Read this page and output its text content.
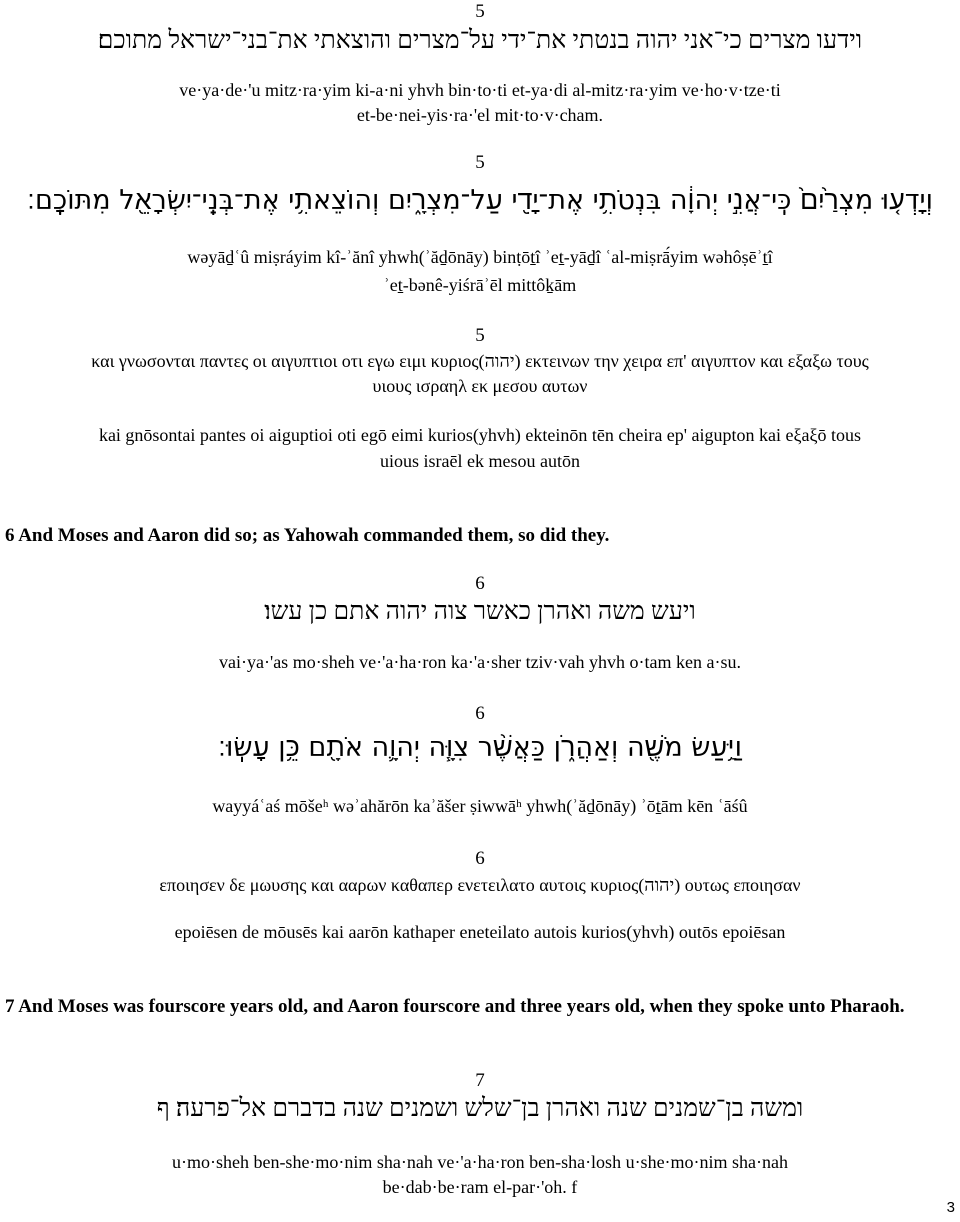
5
וידעו מצרים כי־אני יהוה בנטתי את־ידי על־מצרים והוצאתי את־בני־ישראל מתוכם׃
ve·ya·de·'u mitz·ra·yim ki-a·ni yhvh bin·to·ti et-ya·di al-mitz·ra·yim ve·ho·v·tze·ti
et-be·nei-yis·ra·'el mit·to·v·cham.
5
וְיָדְע֤וּ מִצְרַ֙יִם֙ כִּֽי־אֲנִ֣י יְהוָ֔ה בִּנְטֹתִ֥י אֶת־יָדִ֖י עַל־מִצְרָ֑יִם וְהוֹצֵאתִ֥י אֶת־בְּנֵֽי־יִשְׂרָאֵ֖ל מִתּוֹכָֽם׃
wəyāḏʿû miṣráyim kî-ʾănî yhwh(ʾăḏōnāy) binṭōṯî ʾeṯ-yāḏî ʿal-miṣrā́yim wəhôṣēʾṯî
ʾeṯ-bənê-yiśrāʾēl mittôḵām
5
και γνωσονται παντες οι αιγυπτιοι οτι εγω ειμι κυριος(יהוה) εκτεινων την χειρα επ' αιγυπτον και εξαξω τους
υιους ισραηλ εκ μεσου αυτων
kai gnōsontai pantes oi aiguptioi oti egō eimi kurios(yhvh) ekteinōn tēn cheira ep' aigupton kai eξaξō tous
uious israēl ek mesou autōn
6 And Moses and Aaron did so; as Yahowah commanded them, so did they.
6
ויעש משה ואהרן כאשר צוה יהוה אתם כן עשו׃
vai·ya·'as mo·sheh ve·'a·ha·ron ka·'a·sher tziv·vah yhvh o·tam ken a·su.
6
וַיַּ֥עַשׂ מֹשֶׁ֖ה וְאַהֲרֹ֑ן כַּאֲשֶׁ֨ר צִוָּ֧ה יְהוָ֛ה אֹתָ֖ם כֵּ֥ן עָשֽׂוּ׃
wayyáʿaś mōšeʰ wəʾahărōn kaʾăšer ṣiwwāʰ yhwh(ʾăḏōnāy) ʾōṯām kēn ʿāśû
6
εποιησεν δε μωυσης και ααρων καθαπερ ενετειλατο αυτοις κυριος(יהוה) ουτως εποιησαν
epoiēsen de mōusēs kai aarōn kathaper eneteilato autois kurios(yhvh) outōs epoiēsan
7 And Moses was fourscore years old, and Aaron fourscore and three years old, when they spoke unto Pharaoh.
7
ומשה בן־שמנים שנה ואהרן בן־שלש ושמנים שנה בדברם אל־פרעה׃ ף
u·mo·sheh ben-she·mo·nim sha·nah ve·'a·ha·ron ben-sha·losh u·she·mo·nim sha·nah
be·dab·be·ram el-par·'oh. f
3
